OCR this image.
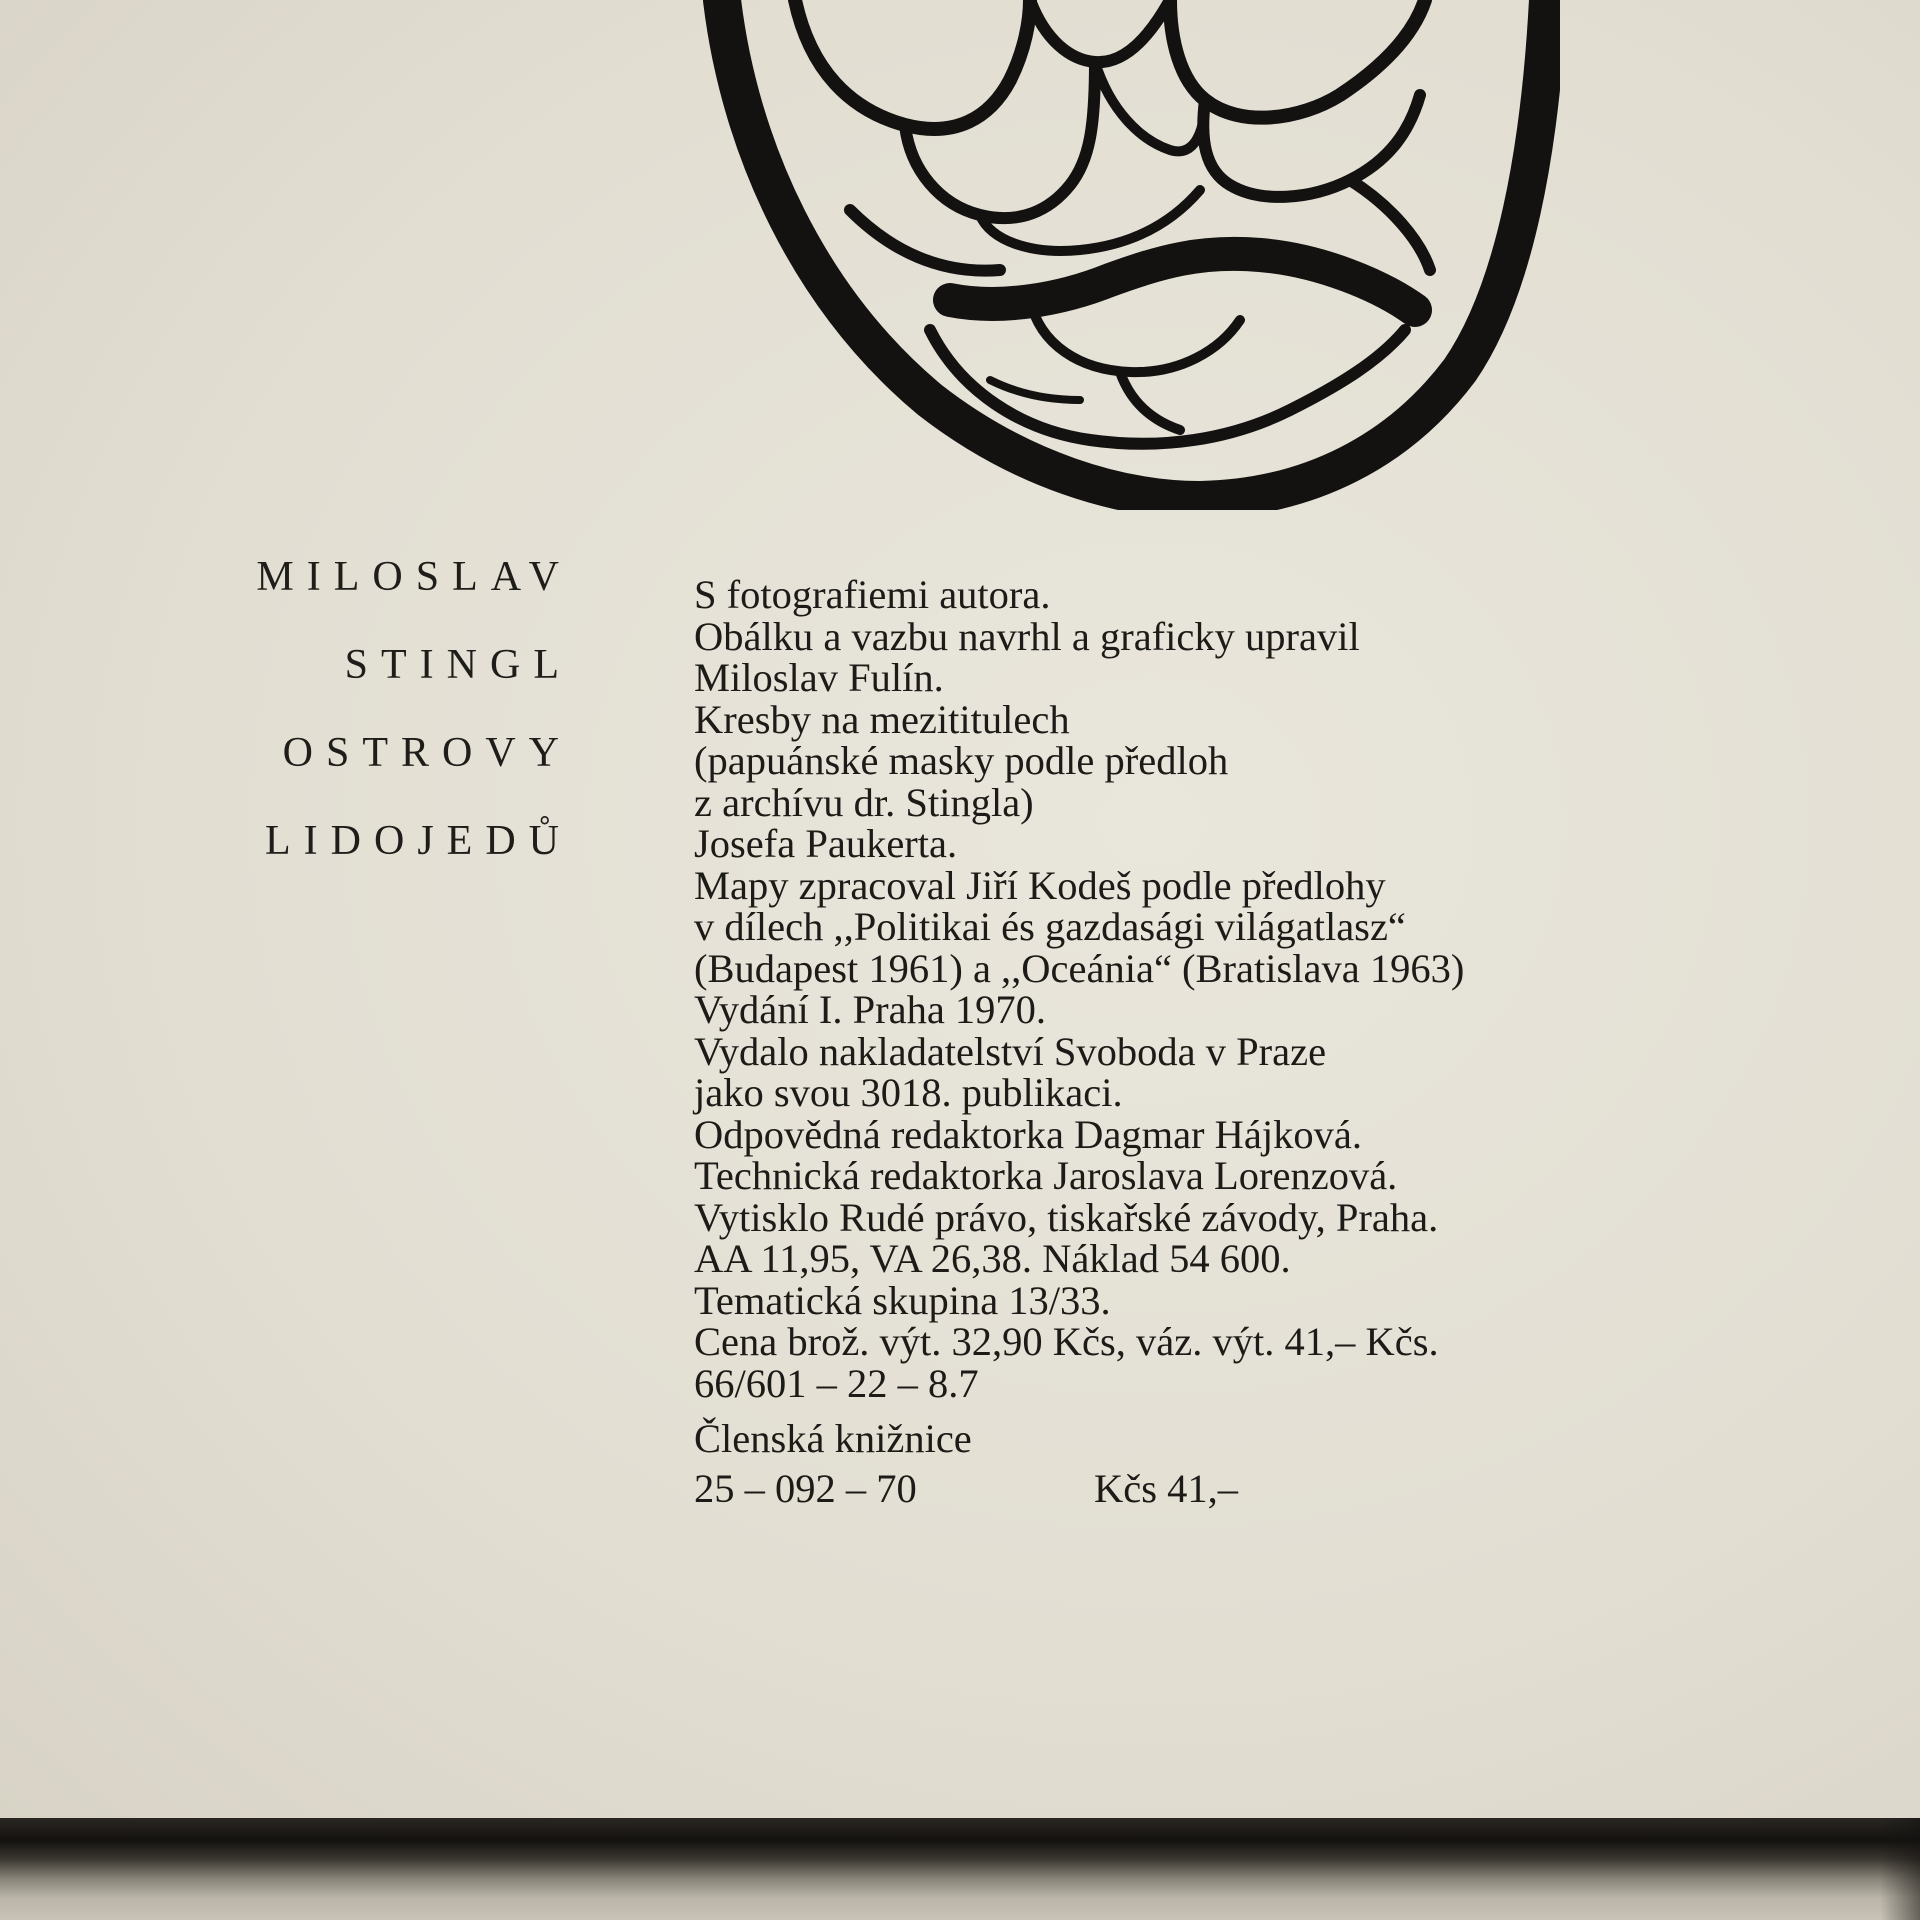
MILOSLAV
STINGL
OSTROVY
LIDOJEDŮ
S fotografiemi autora.
Obálku a vazbu navrhl a graficky upravil
Miloslav Fulín.
Kresby na mezititulech
(papuánské masky podle předloh
z archívu dr. Stingla)
Josefa Paukerta.
Mapy zpracoval Jiří Kodeš podle předlohy
v dílech ,,Politikai és gazdasági világatlasz“
(Budapest 1961) a ,,Oceánia“ (Bratislava 1963)
Vydání I. Praha 1970.
Vydalo nakladatelství Svoboda v Praze
jako svou 3018. publikaci.
Odpovědná redaktorka Dagmar Hájková.
Technická redaktorka Jaroslava Lorenzová.
Vytisklo Rudé právo, tiskařské závody, Praha.
AA 11,95, VA 26,38. Náklad 54 600.
Tematická skupina 13/33.
Cena brož. výt. 32,90 Kčs, váz. výt. 41,– Kčs.
66/601 – 22 – 8.7
Členská knižnice
25 – 092 – 70	Kčs 41,–
